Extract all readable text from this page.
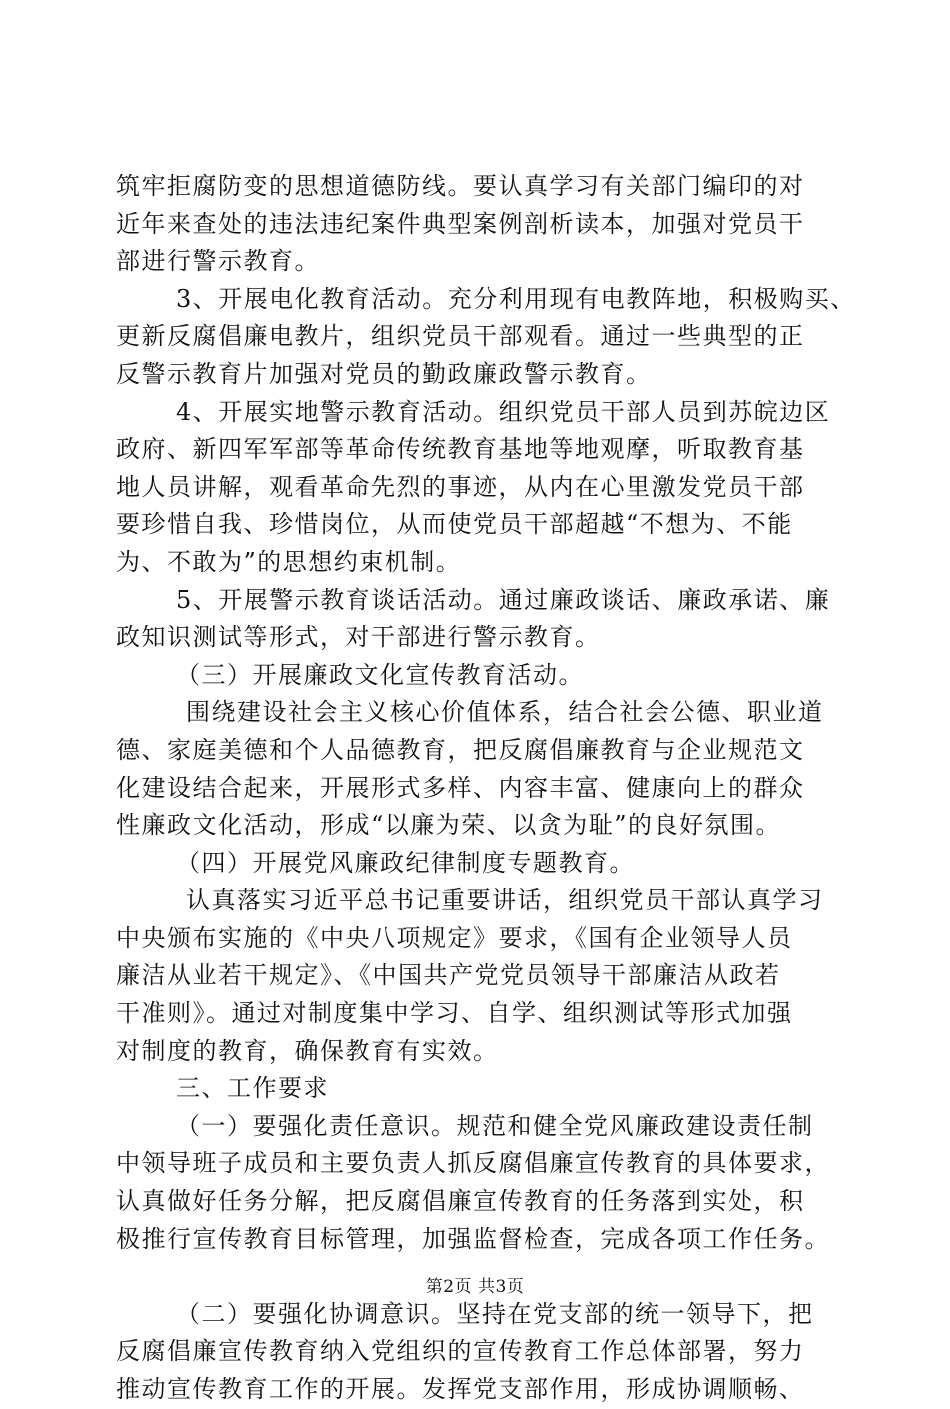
筑牢拒腐防变的思想道德防线。要认真学习有关部门编印的对
近年来查处的违法违纪案件典型案例剖析读本，加强对党员干
部进行警示教育。
3、开展电化教育活动。充分利用现有电教阵地，积极购买、
更新反腐倡廉电教片，组织党员干部观看。通过一些典型的正
反警示教育片加强对党员的勤政廉政警示教育。
4、开展实地警示教育活动。组织党员干部人员到苏皖边区
政府、新四军军部等革命传统教育基地等地观摩，听取教育基
地人员讲解，观看革命先烈的事迹，从内在心里激发党员干部
要珍惜自我、珍惜岗位，从而使党员干部超越“不想为、不能
为、不敢为”的思想约束机制。
5、开展警示教育谈话活动。通过廉政谈话、廉政承诺、廉
政知识测试等形式，对干部进行警示教育。
（三）开展廉政文化宣传教育活动。
围绕建设社会主义核心价值体系，结合社会公德、职业道
德、家庭美德和个人品德教育，把反腐倡廉教育与企业规范文
化建设结合起来，开展形式多样、内容丰富、健康向上的群众
性廉政文化活动，形成“以廉为荣、以贪为耻”的良好氛围。
（四）开展党风廉政纪律制度专题教育。
认真落实习近平总书记重要讲话，组织党员干部认真学习
中央颁布实施的《中央八项规定》要求，《国有企业领导人员
廉洁从业若干规定》、《中国共产党党员领导干部廉洁从政若
干准则》。通过对制度集中学习、自学、组织测试等形式加强
对制度的教育，确保教育有实效。
三、工作要求
（一）要强化责任意识。规范和健全党风廉政建设责任制
中领导班子成员和主要负责人抓反腐倡廉宣传教育的具体要求，
认真做好任务分解，把反腐倡廉宣传教育的任务落到实处，积
极推行宣传教育目标管理，加强监督检查，完成各项工作任务。
（二）要强化协调意识。坚持在党支部的统一领导下，把
反腐倡廉宣传教育纳入党组织的宣传教育工作总体部署，努力
推动宣传教育工作的开展。发挥党支部作用，形成协调顺畅、
第2页 共3页
